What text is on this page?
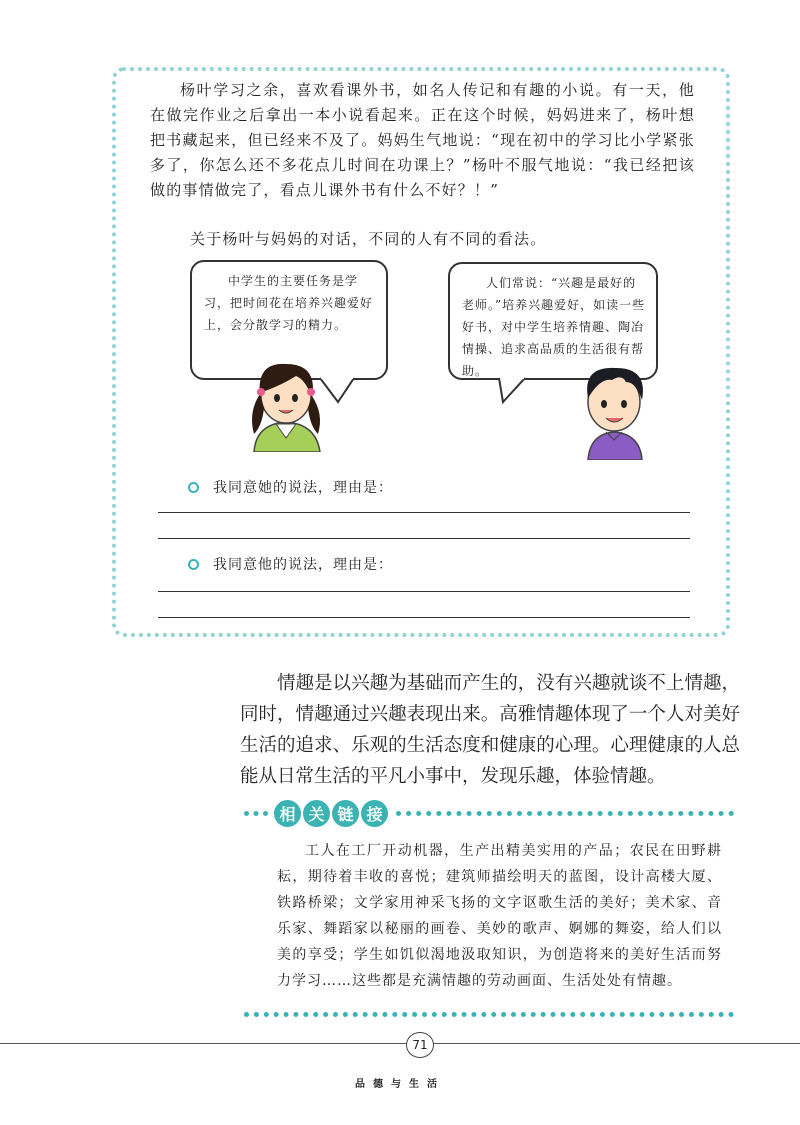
杨叶学习之余，喜欢看课外书，如名人传记和有趣的小说。有一天，他在做完作业之后拿出一本小说看起来。正在这个时候，妈妈进来了，杨叶想把书藏起来，但已经来不及了。妈妈生气地说：“现在初中的学习比小学紧张多了，你怎么还不多花点儿时间在功课上？”杨叶不服气地说：“我已经把该做的事情做完了，看点儿课外书有什么不好？！”

关于杨叶与妈妈的对话，不同的人有不同的看法。

中学生的主要任务是学习，把时间花在培养兴趣爱好上，会分散学习的精力。
人们常说：“兴趣是最好的老师。”培养兴趣爱好，如读一些好书，对中学生培养情趣、陶冶情操、追求高品质的生活很有帮助。
我同意她的说法，理由是：
我同意他的说法，理由是：

情趣是以兴趣为基础而产生的，没有兴趣就谈不上情趣，同时，情趣通过兴趣表现出来。高雅情趣体现了一个人对美好生活的追求、乐观的生活态度和健康的心理。心理健康的人总能从日常生活的平凡小事中，发现乐趣，体验情趣。

相 关 链 接

工人在工厂开动机器，生产出精美实用的产品；农民在田野耕耘，期待着丰收的喜悦；建筑师描绘明天的蓝图，设计高楼大厦、铁路桥梁；文学家用神采飞扬的文字讴歌生活的美好；美术家、音乐家、舞蹈家以秘丽的画卷、美妙的歌声、婀娜的舞姿，给人们以美的享受；学生如饥似渴地汲取知识，为创造将来的美好生活而努力学习……这些都是充满情趣的劳动画面、生活处处有情趣。

71
品德与生活
